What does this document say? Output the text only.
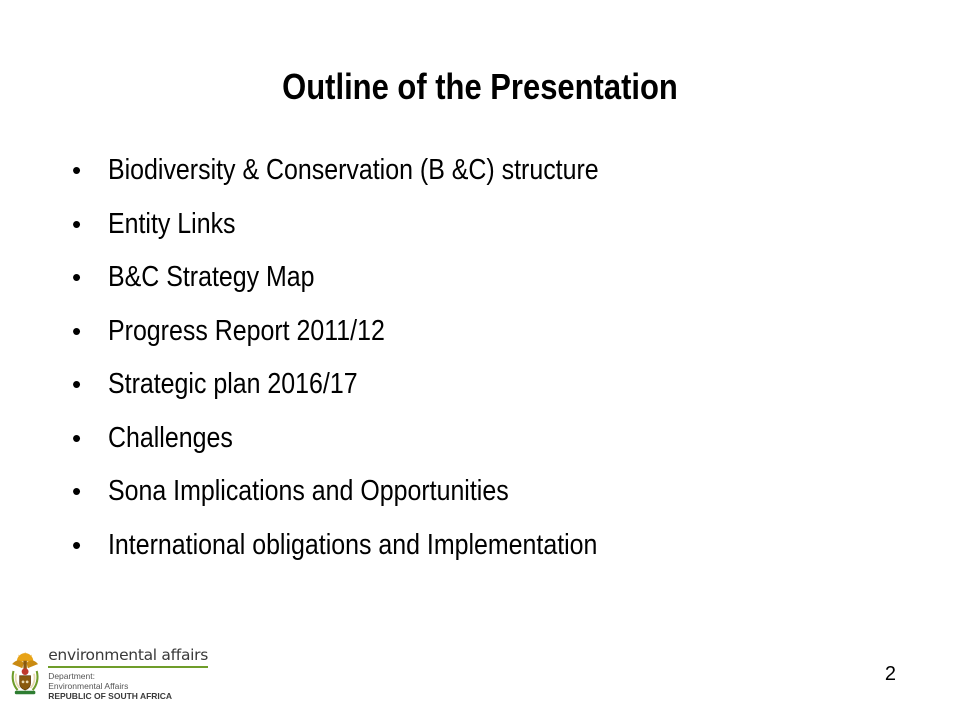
Outline of the Presentation
• Biodiversity & Conservation (B &C) structure
• Entity Links
• B&C Strategy Map
• Progress Report 2011/12
• Strategic plan 2016/17
• Challenges
• Sona Implications and Opportunities
• International obligations and Implementation
environmental affairs
Department:
Environmental Affairs
REPUBLIC OF SOUTH AFRICA
2
